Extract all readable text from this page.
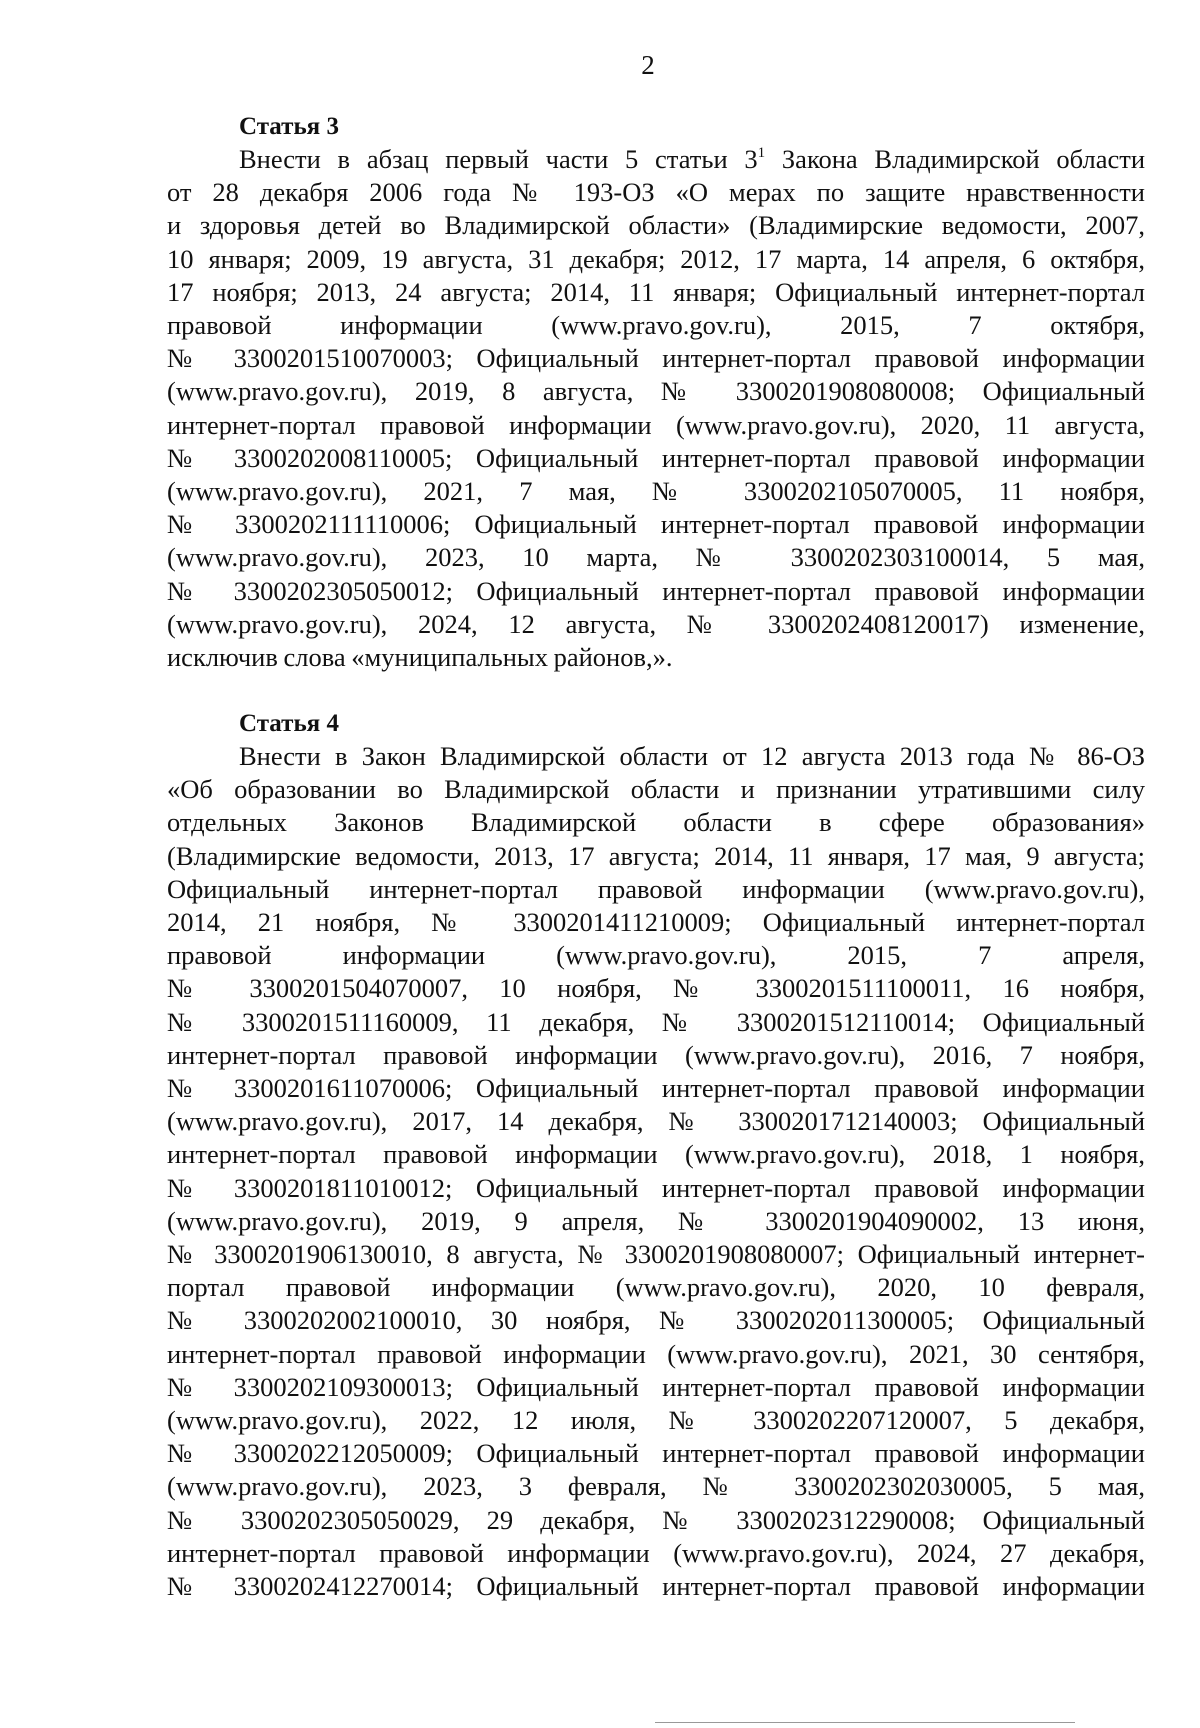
2
Статья 3
Внести в абзац первый части 5 статьи $3^1$ Закона Владимирской области
от 28 декабря 2006 года № 193-ОЗ «О мерах по защите нравственности
и здоровья детей во Владимирской области» (Владимирские ведомости, 2007,
10 января; 2009, 19 августа, 31 декабря; 2012, 17 марта, 14 апреля, 6 октября,
17 ноября; 2013, 24 августа; 2014, 11 января; Официальный интернет-портал
правовой информации (www.pravo.gov.ru), 2015, 7 октября,
№ 3300201510070003; Официальный интернет-портал правовой информации
(www.pravo.gov.ru), 2019, 8 августа, № 3300201908080008; Официальный
интернет-портал правовой информации (www.pravo.gov.ru), 2020, 11 августа,
№ 3300202008110005; Официальный интернет-портал правовой информации
(www.pravo.gov.ru), 2021, 7 мая, № 3300202105070005, 11 ноября,
№ 3300202111110006; Официальный интернет-портал правовой информации
(www.pravo.gov.ru), 2023, 10 марта, № 3300202303100014, 5 мая,
№ 3300202305050012; Официальный интернет-портал правовой информации
(www.pravo.gov.ru), 2024, 12 августа, № 3300202408120017) изменение,
исключив слова «муниципальных районов,».
Статья 4
Внести в Закон Владимирской области от 12 августа 2013 года № 86-ОЗ
«Об образовании во Владимирской области и признании утратившими силу
отдельных Законов Владимирской области в сфере образования»
(Владимирские ведомости, 2013, 17 августа; 2014, 11 января, 17 мая, 9 августа;
Официальный интернет-портал правовой информации (www.pravo.gov.ru),
2014, 21 ноября, № 3300201411210009; Официальный интернет-портал
правовой информации (www.pravo.gov.ru), 2015, 7 апреля,
№ 3300201504070007, 10 ноября, № 3300201511100011, 16 ноября,
№ 3300201511160009, 11 декабря, № 3300201512110014; Официальный
интернет-портал правовой информации (www.pravo.gov.ru), 2016, 7 ноября,
№ 3300201611070006; Официальный интернет-портал правовой информации
(www.pravo.gov.ru), 2017, 14 декабря, № 3300201712140003; Официальный
интернет-портал правовой информации (www.pravo.gov.ru), 2018, 1 ноября,
№ 3300201811010012; Официальный интернет-портал правовой информации
(www.pravo.gov.ru), 2019, 9 апреля, № 3300201904090002, 13 июня,
№ 3300201906130010, 8 августа, № 3300201908080007; Официальный интернет-
портал правовой информации (www.pravo.gov.ru), 2020, 10 февраля,
№ 3300202002100010, 30 ноября, № 3300202011300005; Официальный
интернет-портал правовой информации (www.pravo.gov.ru), 2021, 30 сентября,
№ 3300202109300013; Официальный интернет-портал правовой информации
(www.pravo.gov.ru), 2022, 12 июля, № 3300202207120007, 5 декабря,
№ 3300202212050009; Официальный интернет-портал правовой информации
(www.pravo.gov.ru), 2023, 3 февраля, № 3300202302030005, 5 мая,
№ 3300202305050029, 29 декабря, № 3300202312290008; Официальный
интернет-портал правовой информации (www.pravo.gov.ru), 2024, 27 декабря,
№ 3300202412270014; Официальный интернет-портал правовой информации
